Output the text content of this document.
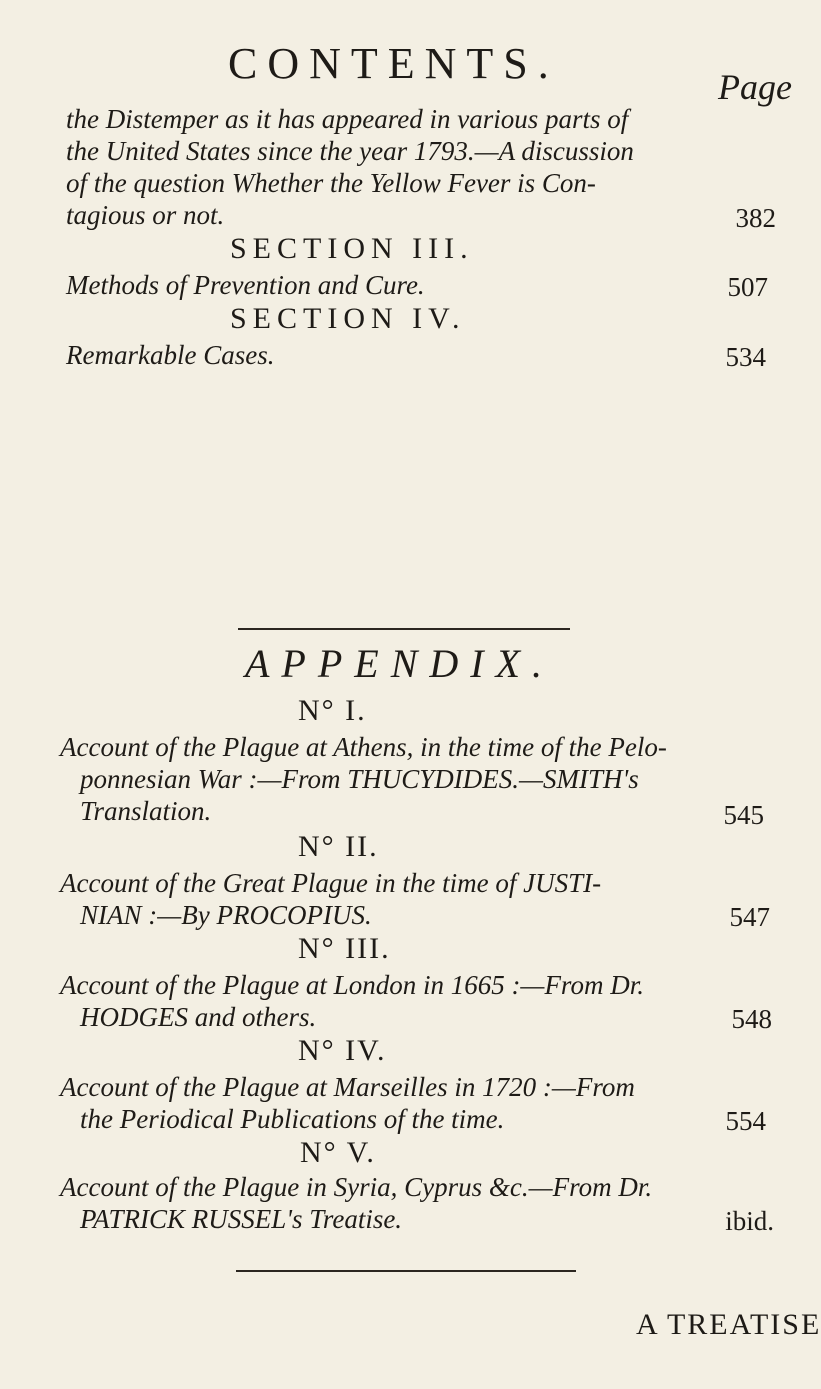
CONTENTS.	Page
the Distemper as it has appeared in various parts of
the United States since the year 1793.—A discussion
of the question Whether the Yellow Fever is Con-
tagious or not.	382
SECTION III.
Methods of Prevention and Cure.	507
SECTION IV.
Remarkable Cases.	534
APPENDIX.
N° I.
Account of the Plague at Athens, in the time of the Pelo-
ponnesian War :—From THUCYDIDES.—SMITH's
Translation.	545
N° II.
Account of the Great Plague in the time of JUSTI-
NIAN :—By PROCOPIUS.	547
N° III.
Account of the Plague at London in 1665 :—From Dr.
HODGES and others.	548
N° IV.
Account of the Plague at Marseilles in 1720 :—From
the Periodical Publications of the time.	554
N° V.
Account of the Plague in Syria, Cyprus &c.—From Dr.
PATRICK RUSSEL's Treatise.	ibid.
A TREATISE
